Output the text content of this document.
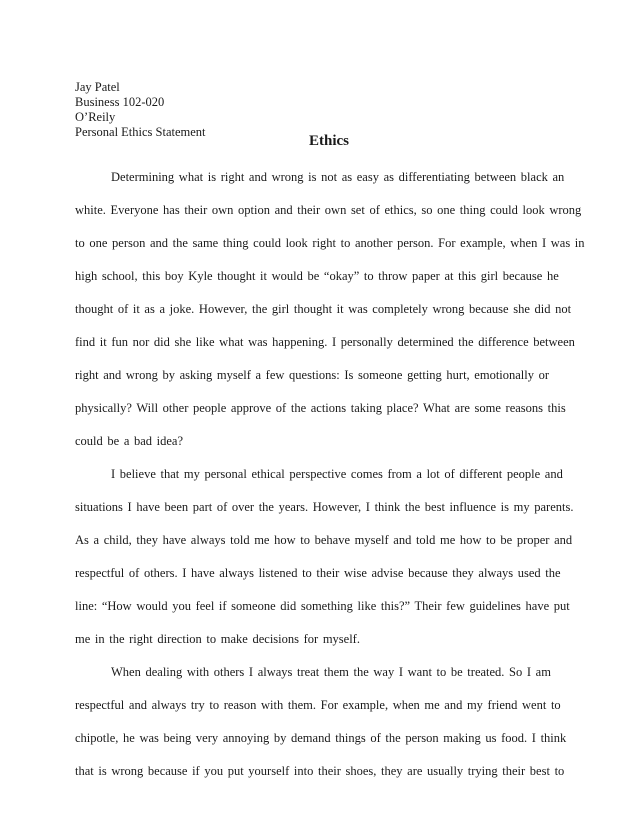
Jay Patel
Business 102-020
O’Reily
Personal Ethics Statement
Ethics
Determining what is right and wrong is not as easy as differentiating between black an
white. Everyone has their own option and their own set of ethics, so one thing could look wrong
to one person and the same thing could look right to another person. For example, when I was in
high school, this boy Kyle thought it would be “okay” to throw paper at this girl because he
thought of it as a joke. However, the girl thought it was completely wrong because she did not
find it fun nor did she like what was happening. I personally determined the difference between
right and wrong by asking myself a few questions: Is someone getting hurt, emotionally or
physically? Will other people approve of the actions taking place? What are some reasons this
could be a bad idea?
I believe that my personal ethical perspective comes from a lot of different people and
situations I have been part of over the years. However, I think the best influence is my parents.
As a child, they have always told me how to behave myself and told me how to be proper and
respectful of others. I have always listened to their wise advise because they always used the
line: “How would you feel if someone did something like this?” Their few guidelines have put
me in the right direction to make decisions for myself.
When dealing with others I always treat them the way I want to be treated. So I am
respectful and always try to reason with them. For example, when me and my friend went to
chipotle, he was being very annoying by demand things of the person making us food. I think
that is wrong because if you put yourself into their shoes, they are usually trying their best to
